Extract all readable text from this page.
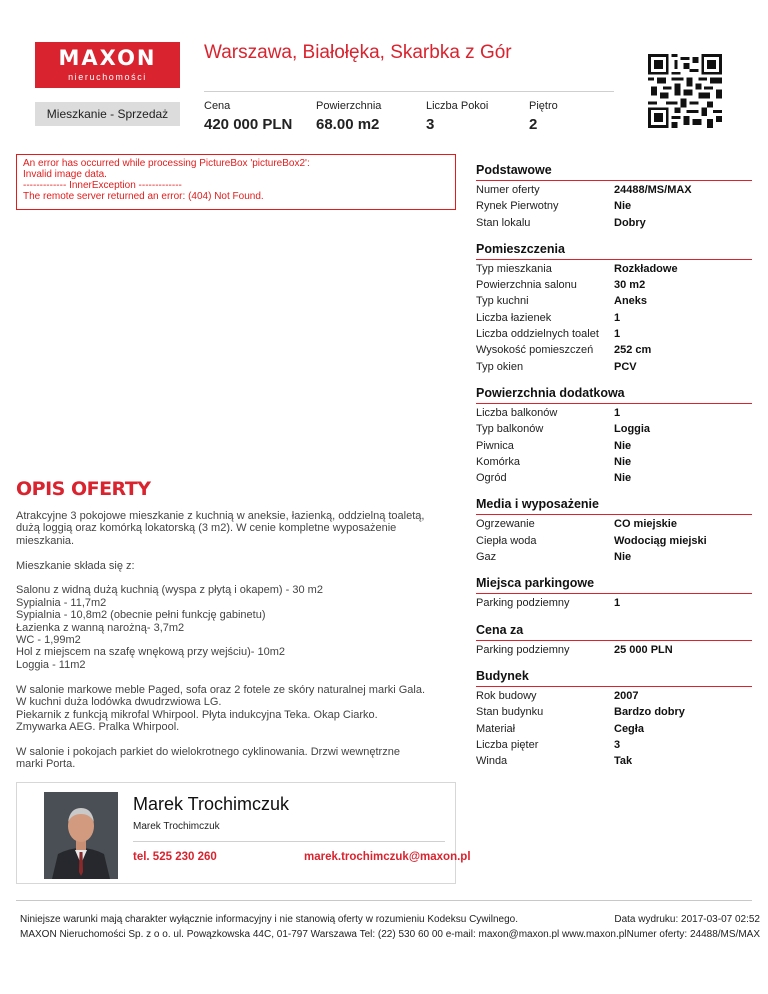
MAXON
nieruchomości
Warszawa, Białołęka, Skarbka z Gór
Mieszkanie - Sprzedaż
Cena
420 000 PLN
Powierzchnia
68.00 m2
Liczba Pokoi
3
Piętro
2
An error has occurred while processing PictureBox 'pictureBox2':
Invalid image data.
------------- InnerException -------------
The remote server returned an error: (404) Not Found.
Podstawowe
Numer oferty	24488/MS/MAX
Rynek Pierwotny	Nie
Stan lokalu	Dobry
Pomieszczenia
Typ mieszkania	Rozkładowe
Powierzchnia salonu	30 m2
Typ kuchni	Aneks
Liczba łazienek	1
Liczba oddzielnych toalet	1
Wysokość pomieszczeń	252 cm
Typ okien	PCV
Powierzchnia dodatkowa
Liczba balkonów	1
Typ balkonów	Loggia
Piwnica	Nie
Komórka	Nie
Ogród	Nie
Media i wyposażenie
Ogrzewanie	CO miejskie
Ciepła woda	Wodociąg miejski
Gaz	Nie
Miejsca parkingowe
Parking podziemny	1
Cena za
Parking podziemny	25 000 PLN
Budynek
Rok budowy	2007
Stan budynku	Bardzo dobry
Materiał	Cegła
Liczba pięter	3
Winda	Tak
OPIS OFERTY
Atrakcyjne 3 pokojowe mieszkanie z kuchnią w aneksie, łazienką, oddzielną toaletą,
dużą loggią oraz komórką lokatorską (3 m2). W cenie kompletne wyposażenie
mieszkania.

Mieszkanie składa się z:

Salonu z widną dużą kuchnią (wyspa z płytą i okapem) - 30 m2
Sypialnia - 11,7m2
Sypialnia - 10,8m2 (obecnie pełni funkcję gabinetu)
Łazienka z wanną narożną- 3,7m2
WC - 1,99m2
Hol z miejscem na szafę wnękową przy wejściu)- 10m2
Loggia - 11m2

W salonie markowe meble Paged, sofa oraz 2 fotele ze skóry naturalnej marki Gala.
W kuchni duża lodówka dwudrzwiowa LG.
Piekarnik z funkcją mikrofal Whirpool. Płyta indukcyjna Teka. Okap Ciarko.
Zmywarka AEG. Pralka Whirpool.

W salonie i pokojach parkiet do wielokrotnego cyklinowania. Drzwi wewnętrzne
marki Porta.
Marek Trochimczuk
Marek Trochimczuk
tel. 525 230 260	marek.trochimczuk@maxon.pl
Niniejsze warunki mają charakter wyłącznie informacyjny i nie stanowią oferty w rozumieniu Kodeksu Cywilnego.
MAXON Nieruchomości Sp. z o o. ul. Powązkowska 44C, 01-797 Warszawa Tel: (22) 530 60 00 e-mail: maxon@maxon.pl www.maxon.pl
Data wydruku: 2017-03-07 02:52
Numer oferty: 24488/MS/MAX
